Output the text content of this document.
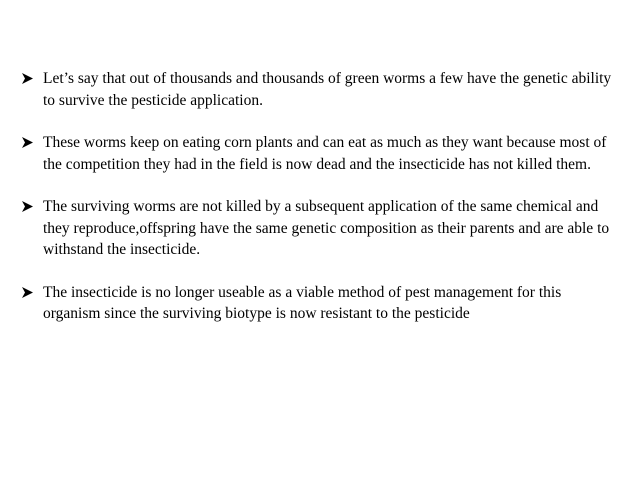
Let’s say that out of thousands and thousands of green worms a few have the genetic ability to survive the pesticide application.
These worms keep on eating corn plants and can eat as much as they want because most of the competition they had in the field is now dead and the insecticide has not killed them.
The surviving worms are not killed by a subsequent application of the same chemical and they reproduce,offspring have the same genetic composition as their parents and are able to withstand the insecticide.
The insecticide is no longer useable as a viable method of pest management for this organism since the surviving biotype is now resistant to the pesticide
